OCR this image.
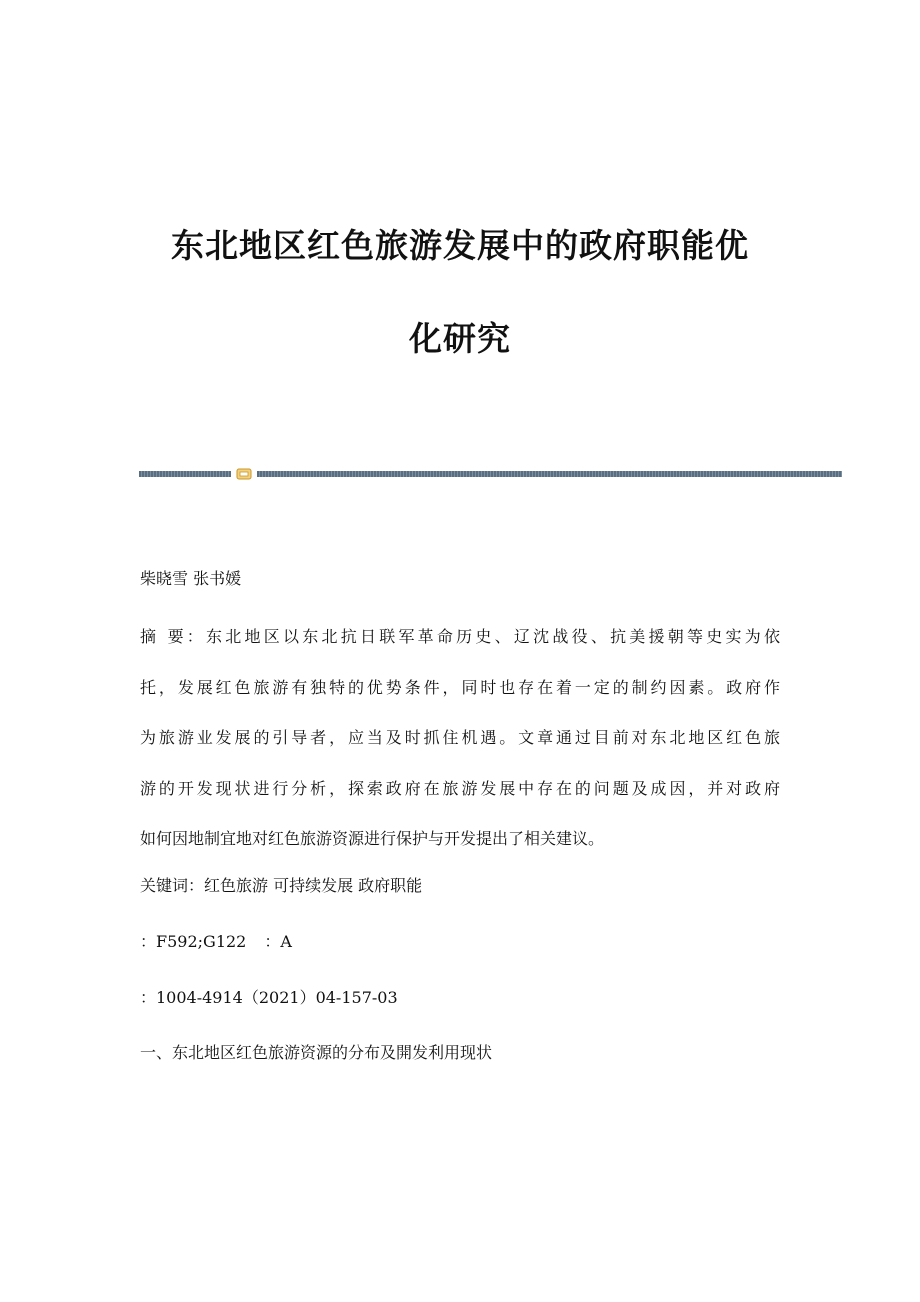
东北地区红色旅游发展中的政府职能优
化研究
柴晓雪 张书媛
摘 要：东北地区以东北抗日联军革命历史、辽沈战役、抗美援朝等史实为依
托，发展红色旅游有独特的优势条件，同时也存在着一定的制约因素。政府作
为旅游业发展的引导者，应当及时抓住机遇。文章通过目前对东北地区红色旅
游的开发现状进行分析，探索政府在旅游发展中存在的问题及成因，并对政府
如何因地制宜地对红色旅游资源进行保护与开发提出了相关建议。
关键词：红色旅游 可持续发展 政府职能
：F592;G122 ：A
：1004-4914（2021）04-157-03
一、东北地区红色旅游资源的分布及開发利用现状
